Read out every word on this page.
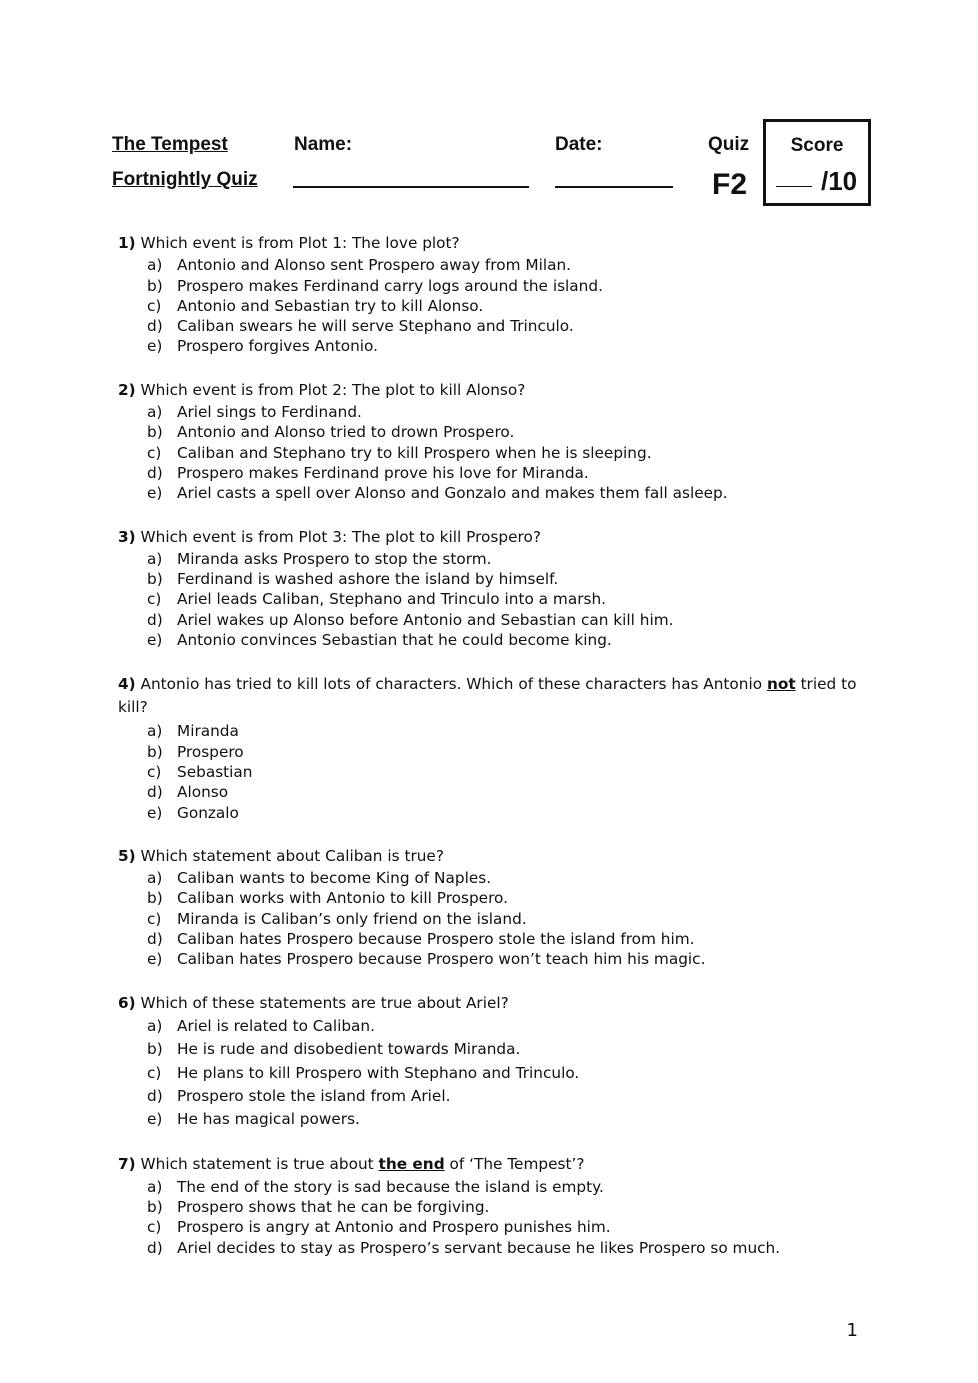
The Tempest
Fortnightly Quiz
Name:	Date:	Quiz
F2
Score
/10
1) Which event is from Plot 1: The love plot?
a) Antonio and Alonso sent Prospero away from Milan.
b) Prospero makes Ferdinand carry logs around the island.
c)	Antonio and Sebastian try to kill Alonso.
d) Caliban swears he will serve Stephano and Trinculo.
e) Prospero forgives Antonio.
2) Which event is from Plot 2: The plot to kill Alonso?
a) Ariel sings to Ferdinand.
b) Antonio and Alonso tried to drown Prospero.
c)	Caliban and Stephano try to kill Prospero when he is sleeping.
d) Prospero makes Ferdinand prove his love for Miranda.
e) Ariel casts a spell over Alonso and Gonzalo and makes them fall asleep.
3) Which event is from Plot 3: The plot to kill Prospero?
a) Miranda asks Prospero to stop the storm.
b) Ferdinand is washed ashore the island by himself.
c)	Ariel leads Caliban, Stephano and Trinculo into a marsh.
d) Ariel wakes up Alonso before Antonio and Sebastian can kill him.
e) Antonio convinces Sebastian that he could become king.
4) Antonio has tried to kill lots of characters. Which of these characters has Antonio not tried to kill?
a) Miranda
b) Prospero
c)	Sebastian
d) Alonso
e) Gonzalo
5) Which statement about Caliban is true?
a) Caliban wants to become King of Naples.
b) Caliban works with Antonio to kill Prospero.
c)	Miranda is Caliban’s only friend on the island.
d) Caliban hates Prospero because Prospero stole the island from him.
e) Caliban hates Prospero because Prospero won’t teach him his magic.
6) Which of these statements are true about Ariel?
a) Ariel is related to Caliban.
b) He is rude and disobedient towards Miranda.
c)	He plans to kill Prospero with Stephano and Trinculo.
d) Prospero stole the island from Ariel.
e) He has magical powers.
7) Which statement is true about the end of ‘The Tempest’?
a) The end of the story is sad because the island is empty.
b) Prospero shows that he can be forgiving.
c)	Prospero is angry at Antonio and Prospero punishes him.
d) Ariel decides to stay as Prospero’s servant because he likes Prospero so much.
1
